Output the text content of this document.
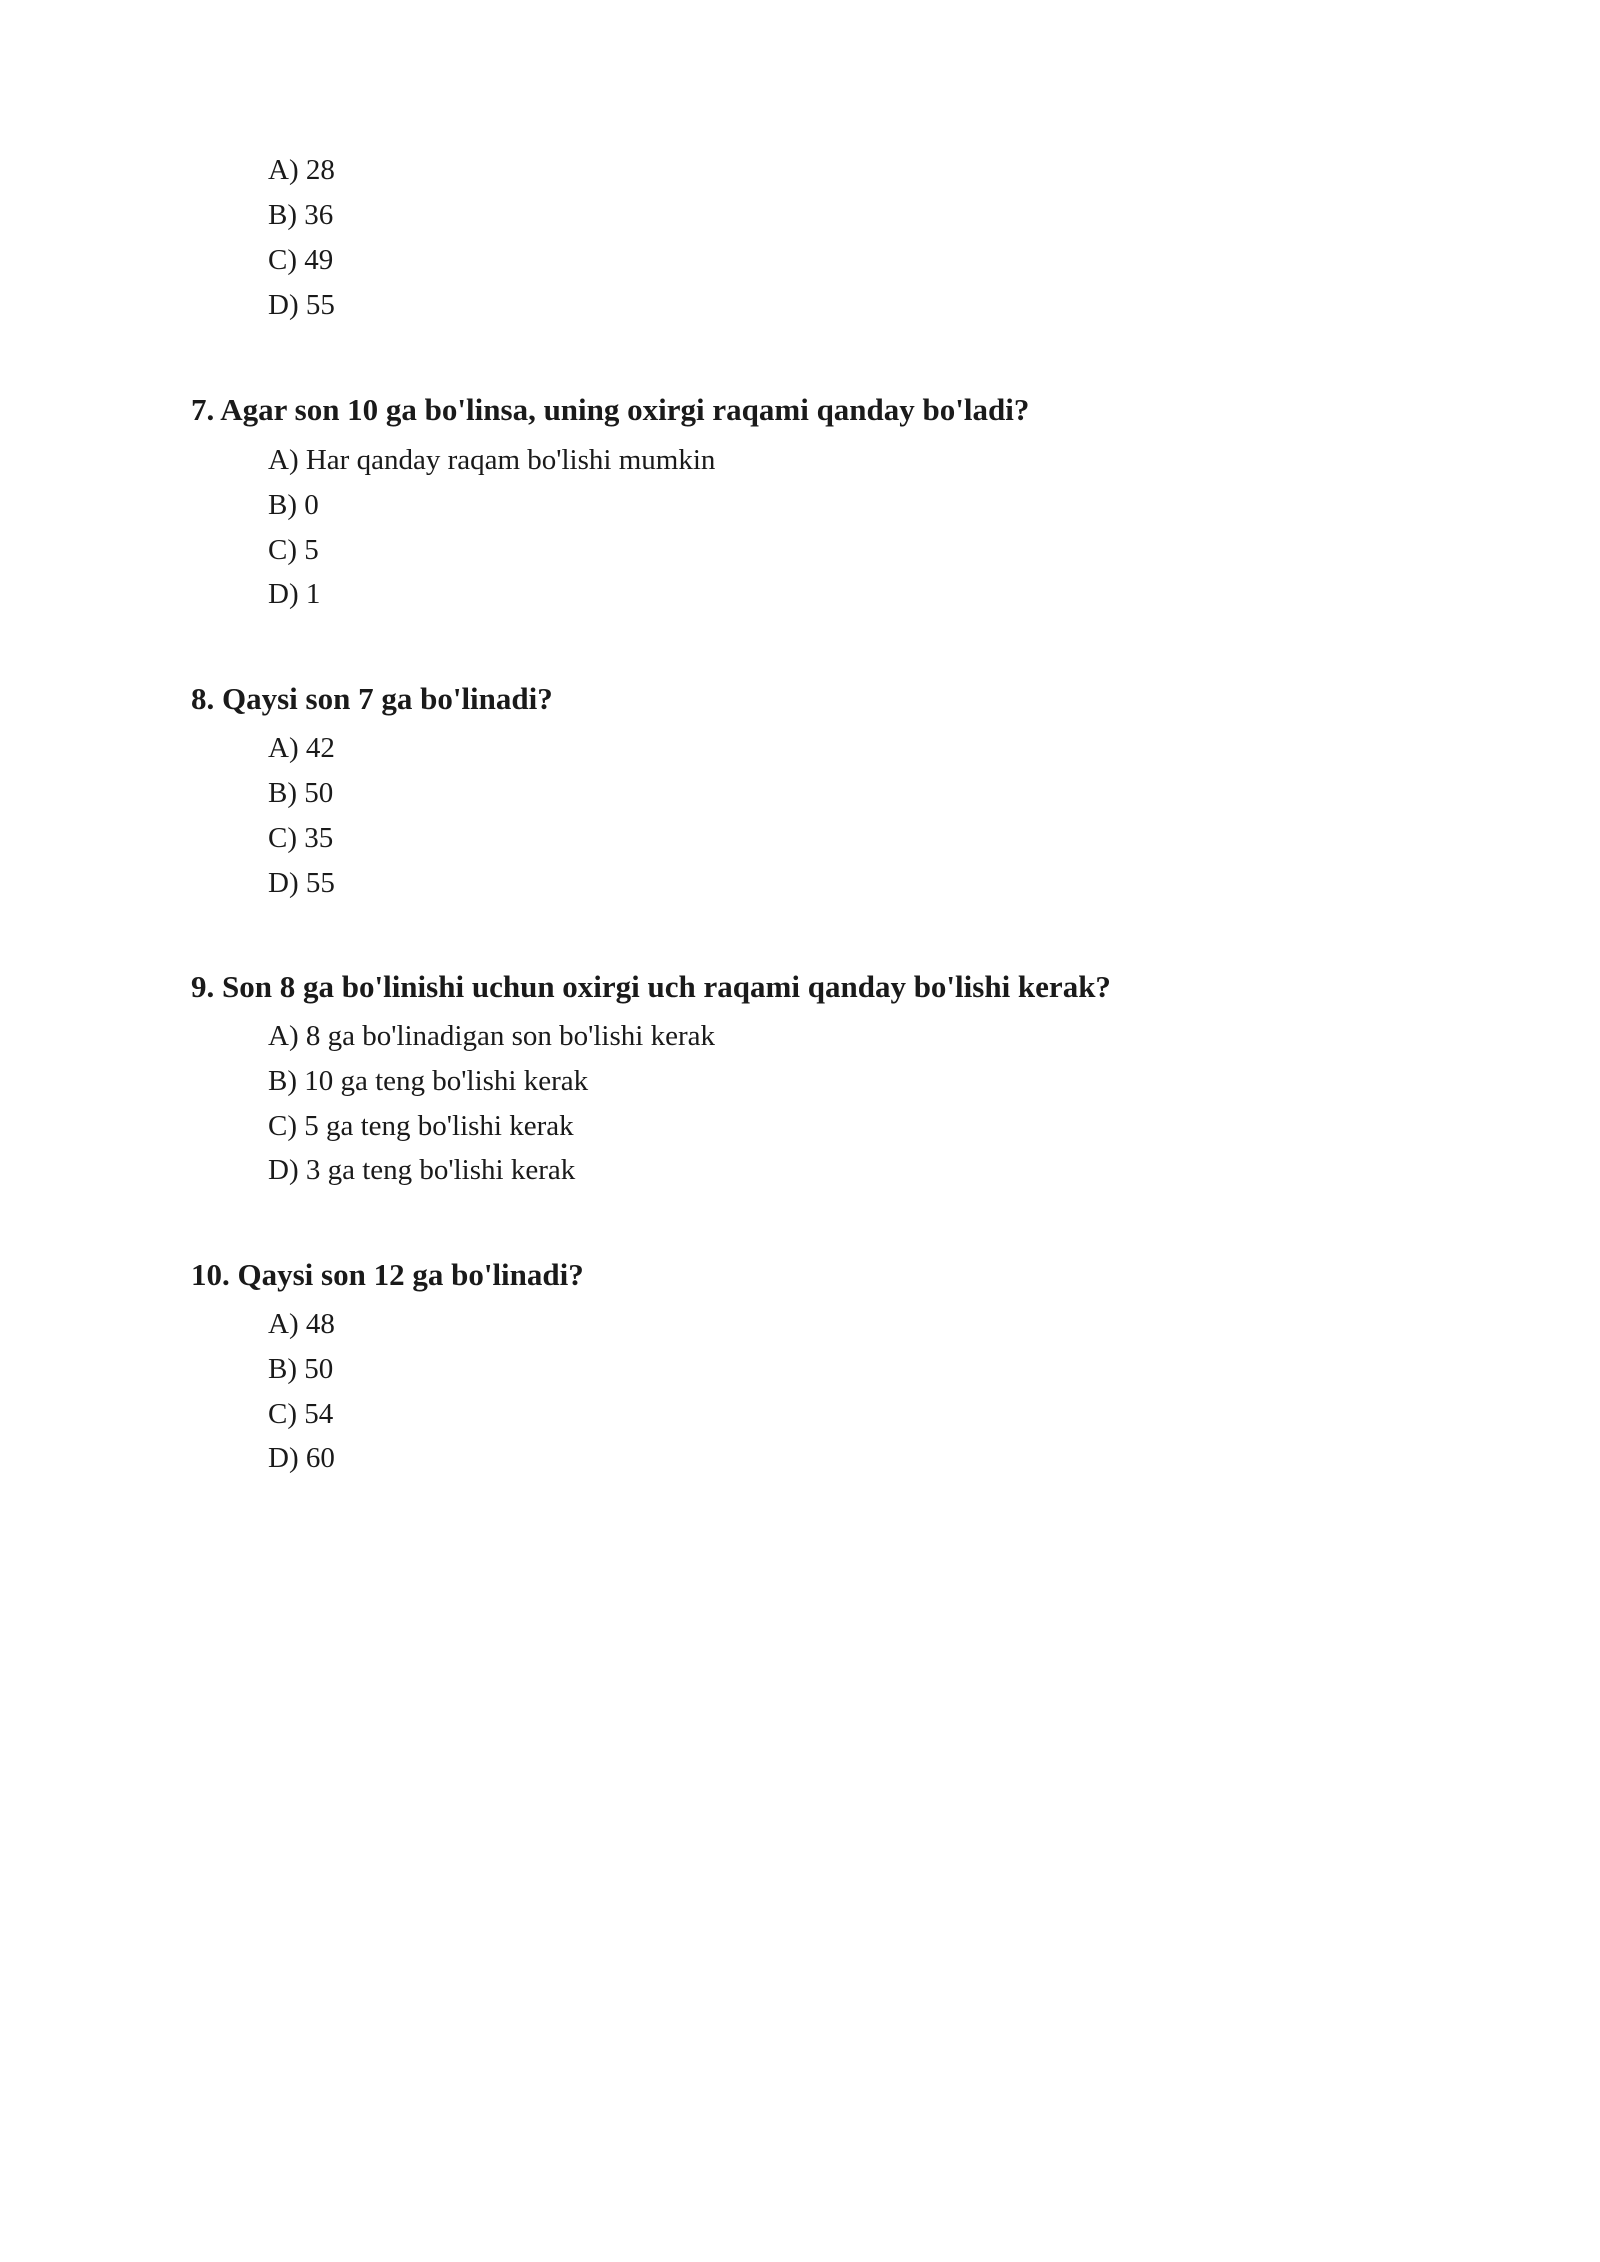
A) 28

B) 36

C) 49

D) 55

7. Agar son 10 ga bo'linsa, uning oxirgi raqami qanday bo'ladi?

A) Har qanday raqam bo'lishi mumkin

B) 0

C) 5

D) 1

8. Qaysi son 7 ga bo'linadi?

A) 42

B) 50

C) 35

D) 55

9. Son 8 ga bo'linishi uchun oxirgi uch raqami qanday bo'lishi kerak?

A) 8 ga bo'linadigan son bo'lishi kerak

B) 10 ga teng bo'lishi kerak

C) 5 ga teng bo'lishi kerak

D) 3 ga teng bo'lishi kerak

10. Qaysi son 12 ga bo'linadi?

A) 48

B) 50

C) 54

D) 60
